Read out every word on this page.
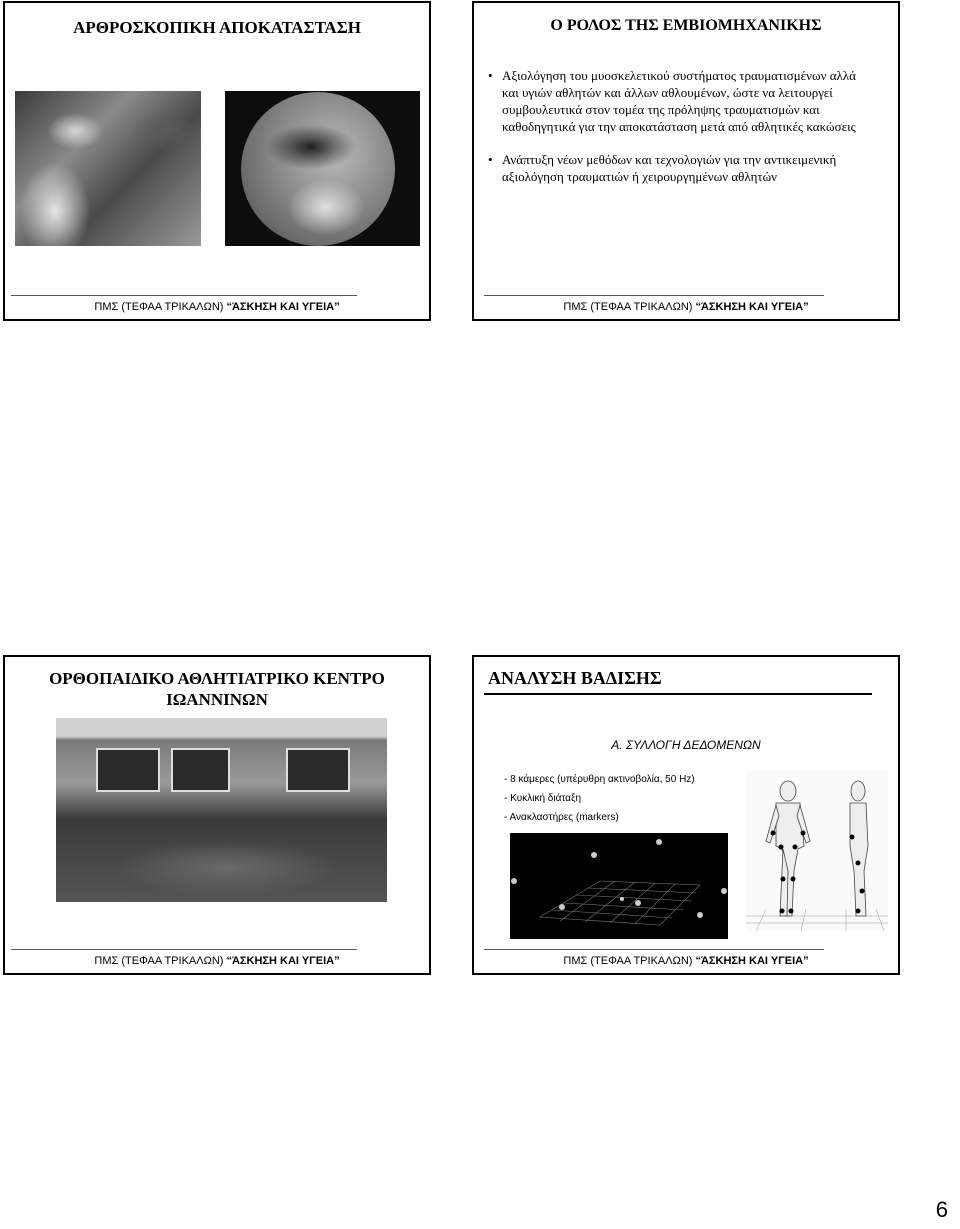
ΑΡΘΡΟΣΚΟΠΙΚΗ ΑΠΟΚΑΤΑΣΤΑΣΗ
ΠΜΣ (ΤΕΦΑΑ ΤΡΙΚΑΛΩΝ) “ΆΣΚΗΣΗ ΚΑΙ ΥΓΕΙΑ”
Ο ΡΟΛΟΣ ΤΗΣ ΕΜΒΙΟΜΗΧΑΝΙΚΗΣ
• Αξιολόγηση του μυοσκελετικού συστήματος τραυματισμένων αλλά και υγιών αθλητών και άλλων αθλουμένων, ώστε να λειτουργεί συμβουλευτικά στον τομέα της πρόληψης τραυματισμών και καθοδηγητικά για την αποκατάσταση μετά από αθλητικές κακώσεις
• Ανάπτυξη νέων μεθόδων και τεχνολογιών για την αντικειμενική αξιολόγηση τραυματιών ή χειρουργημένων αθλητών
ΠΜΣ (ΤΕΦΑΑ ΤΡΙΚΑΛΩΝ) “ΆΣΚΗΣΗ ΚΑΙ ΥΓΕΙΑ”
ΟΡΘΟΠΑΙΔΙΚΟ ΑΘΛΗΤΙΑΤΡΙΚΟ ΚΕΝΤΡΟ
ΙΩΑΝΝΙΝΩΝ
ΠΜΣ (ΤΕΦΑΑ ΤΡΙΚΑΛΩΝ) “ΆΣΚΗΣΗ ΚΑΙ ΥΓΕΙΑ”
ΑΝΑΛΥΣΗ ΒΑΔΙΣΗΣ
Α. ΣΥΛΛΟΓΗ ΔΕΔΟΜΕΝΩΝ
- 8 κάμερες (υπέρυθρη ακτινοβολία, 50 Hz)
- Κυκλική διάταξη
- Ανακλαστήρες (markers)
ΠΜΣ (ΤΕΦΑΑ ΤΡΙΚΑΛΩΝ) “ΆΣΚΗΣΗ ΚΑΙ ΥΓΕΙΑ”
6
